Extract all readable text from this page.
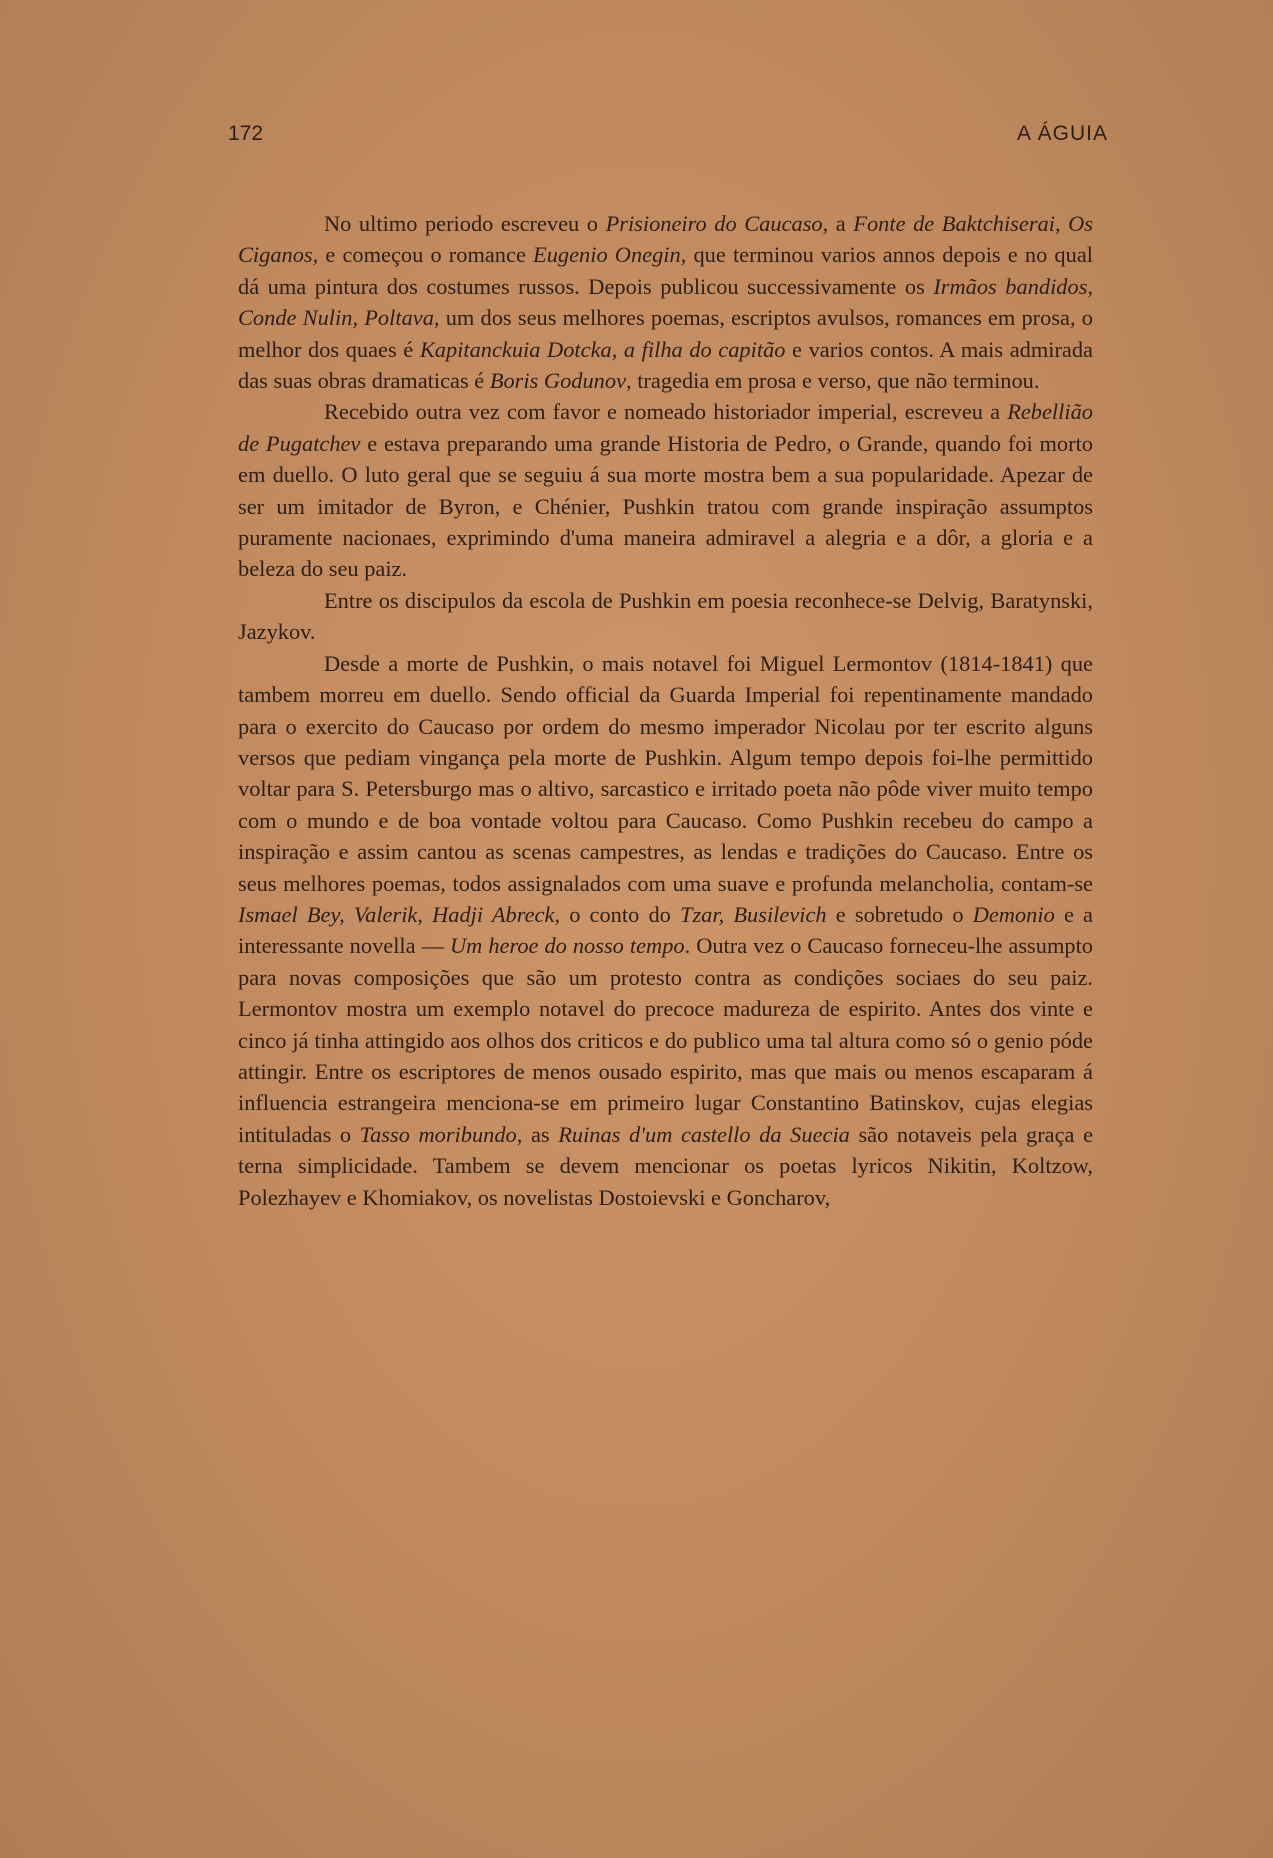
172	A ÁGUIA

No ultimo periodo escreveu o Prisioneiro do Caucaso, a Fonte de Baktchiserai, Os Ciganos, e começou o romance Eugenio Onegin, que terminou varios annos depois e no qual dá uma pintura dos costumes russos. Depois publicou successivamente os Irmãos bandidos, Conde Nulin, Poltava, um dos seus melhores poemas, escriptos avulsos, romances em prosa, o melhor dos quaes é Kapitanckuia Dotcka, a filha do capitão e varios contos. A mais admirada das suas obras dramaticas é Boris Godunov, tragedia em prosa e verso, que não terminou.

Recebido outra vez com favor e nomeado historiador imperial, escreveu a Rebellião de Pugatchev e estava preparando uma grande Historia de Pedro, o Grande, quando foi morto em duello. O luto geral que se seguiu á sua morte mostra bem a sua popularidade. Apezar de ser um imitador de Byron, e Chénier, Pushkin tratou com grande inspiração assumptos puramente nacionaes, exprimindo d'uma maneira admiravel a alegria e a dôr, a gloria e a beleza do seu paiz.

Entre os discipulos da escola de Pushkin em poesia reconhece-se Delvig, Baratynski, Jazykov.

Desde a morte de Pushkin, o mais notavel foi Miguel Lermontov (1814-1841) que tambem morreu em duello. Sendo official da Guarda Imperial foi repentinamente mandado para o exercito do Caucaso por ordem do mesmo imperador Nicolau por ter escrito alguns versos que pediam vingança pela morte de Pushkin. Algum tempo depois foi-lhe permittido voltar para S. Petersburgo mas o altivo, sarcastico e irritado poeta não pôde viver muito tempo com o mundo e de boa vontade voltou para Caucaso. Como Pushkin recebeu do campo a inspiração e assim cantou as scenas campestres, as lendas e tradições do Caucaso. Entre os seus melhores poemas, todos assignalados com uma suave e profunda melancholia, contam-se Ismael Bey, Valerik, Hadji Abreck, o conto do Tzar, Busilevich e sobretudo o Demonio e a interessante novella — Um heroe do nosso tempo. Outra vez o Caucaso forneceu-lhe assumpto para novas composições que são um protesto contra as condições sociaes do seu paiz. Lermontov mostra um exemplo notavel do precoce madureza de espirito. Antes dos vinte e cinco já tinha attingido aos olhos dos criticos e do publico uma tal altura como só o genio póde attingir. Entre os escriptores de menos ousado espirito, mas que mais ou menos escaparam á influencia estrangeira menciona-se em primeiro lugar Constantino Batinskov, cujas elegias intituladas o Tasso moribundo, as Ruinas d'um castello da Suecia são notaveis pela graça e terna simplicidade. Tambem se devem mencionar os poetas lyricos Nikitin, Koltzow, Polezhayev e Khomiakov, os novelistas Dostoievski e Goncharov,
